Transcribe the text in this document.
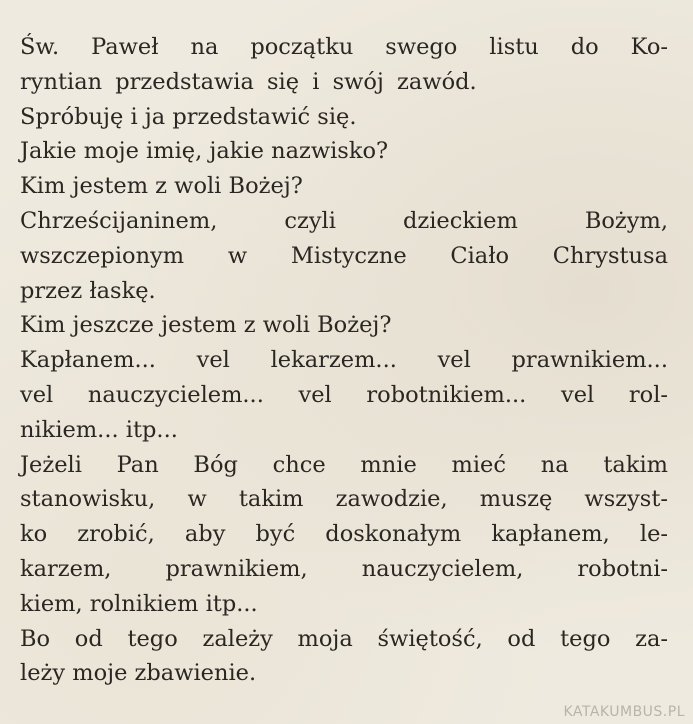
Św. Paweł na początku swego listu do Ko-
ryntian przedstawia się i swój zawód.
Spróbuję i ja przedstawić się.
Jakie moje imię, jakie nazwisko?
Kim jestem z woli Bożej?
Chrześcijaninem, czyli dzieckiem Bożym,
wszczepionym w Mistyczne Ciało Chrystusa
przez łaskę.
Kim jeszcze jestem z woli Bożej?
Kapłanem... vel lekarzem... vel prawnikiem...
vel nauczycielem... vel robotnikiem... vel rol-
nikiem... itp...
Jeżeli Pan Bóg chce mnie mieć na takim
stanowisku, w takim zawodzie, muszę wszyst-
ko zrobić, aby być doskonałym kapłanem, le-
karzem, prawnikiem, nauczycielem, robotni-
kiem, rolnikiem itp...
Bo od tego zależy moja świętość, od tego za-
leży moje zbawienie.
KATAKUMBUS.PL
